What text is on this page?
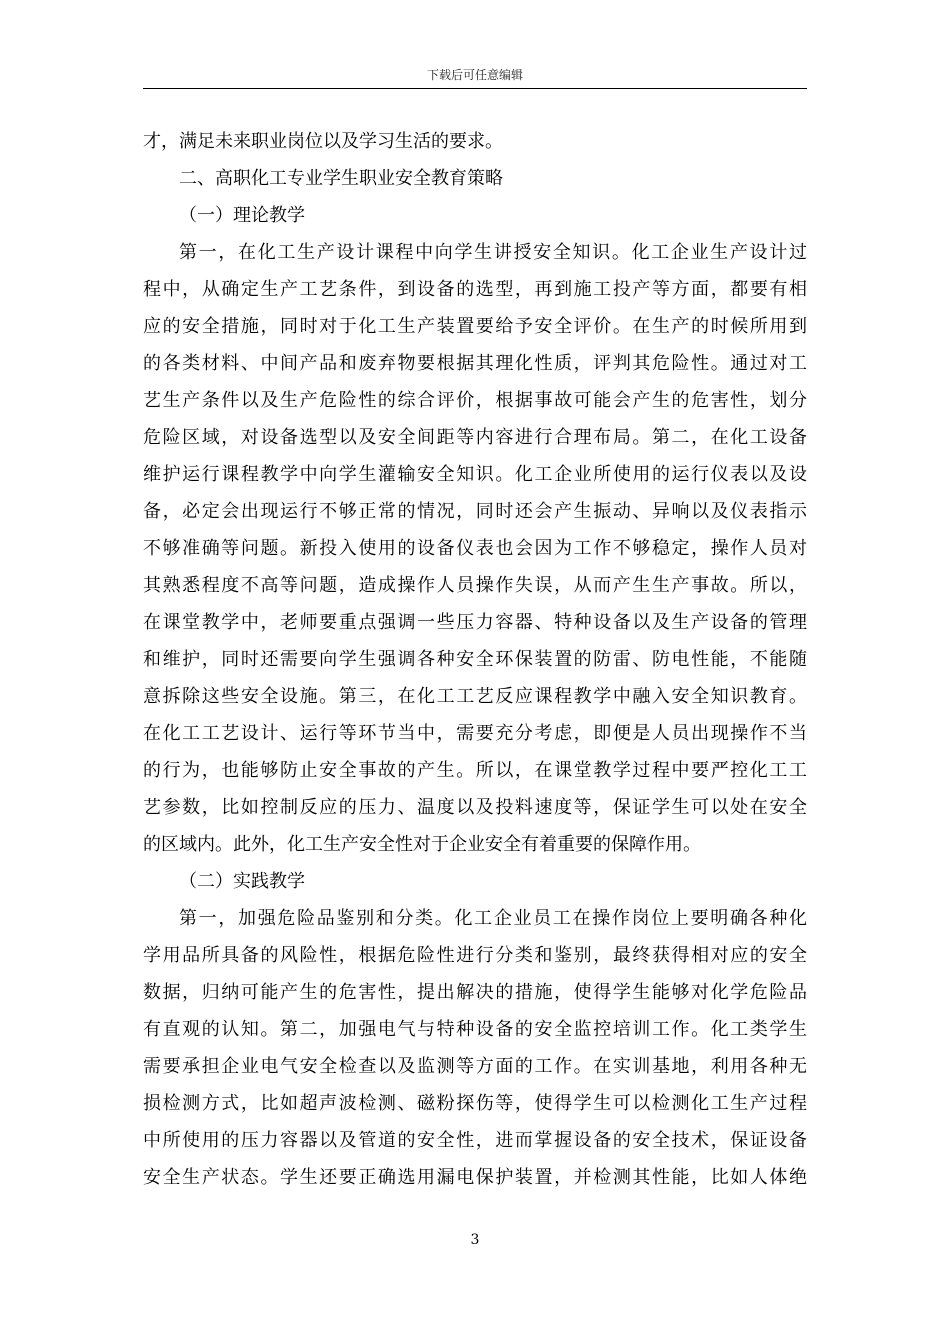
下载后可任意编辑
才，满足未来职业岗位以及学习生活的要求。
二、高职化工专业学生职业安全教育策略
（一）理论教学
第一，在化工生产设计课程中向学生讲授安全知识。化工企业生产设计过
程中，从确定生产工艺条件，到设备的选型，再到施工投产等方面，都要有相
应的安全措施，同时对于化工生产装置要给予安全评价。在生产的时候所用到
的各类材料、中间产品和废弃物要根据其理化性质，评判其危险性。通过对工
艺生产条件以及生产危险性的综合评价，根据事故可能会产生的危害性，划分
危险区域，对设备选型以及安全间距等内容进行合理布局。第二，在化工设备
维护运行课程教学中向学生灌输安全知识。化工企业所使用的运行仪表以及设
备，必定会出现运行不够正常的情况，同时还会产生振动、异响以及仪表指示
不够准确等问题。新投入使用的设备仪表也会因为工作不够稳定，操作人员对
其熟悉程度不高等问题，造成操作人员操作失误，从而产生生产事故。所以，
在课堂教学中，老师要重点强调一些压力容器、特种设备以及生产设备的管理
和维护，同时还需要向学生强调各种安全环保装置的防雷、防电性能，不能随
意拆除这些安全设施。第三，在化工工艺反应课程教学中融入安全知识教育。
在化工工艺设计、运行等环节当中，需要充分考虑，即便是人员出现操作不当
的行为，也能够防止安全事故的产生。所以，在课堂教学过程中要严控化工工
艺参数，比如控制反应的压力、温度以及投料速度等，保证学生可以处在安全
的区域内。此外，化工生产安全性对于企业安全有着重要的保障作用。
（二）实践教学
第一，加强危险品鉴别和分类。化工企业员工在操作岗位上要明确各种化
学用品所具备的风险性，根据危险性进行分类和鉴别，最终获得相对应的安全
数据，归纳可能产生的危害性，提出解决的措施，使得学生能够对化学危险品
有直观的认知。第二，加强电气与特种设备的安全监控培训工作。化工类学生
需要承担企业电气安全检查以及监测等方面的工作。在实训基地，利用各种无
损检测方式，比如超声波检测、磁粉探伤等，使得学生可以检测化工生产过程
中所使用的压力容器以及管道的安全性，进而掌握设备的安全技术，保证设备
安全生产状态。学生还要正确选用漏电保护装置，并检测其性能，比如人体绝
3
